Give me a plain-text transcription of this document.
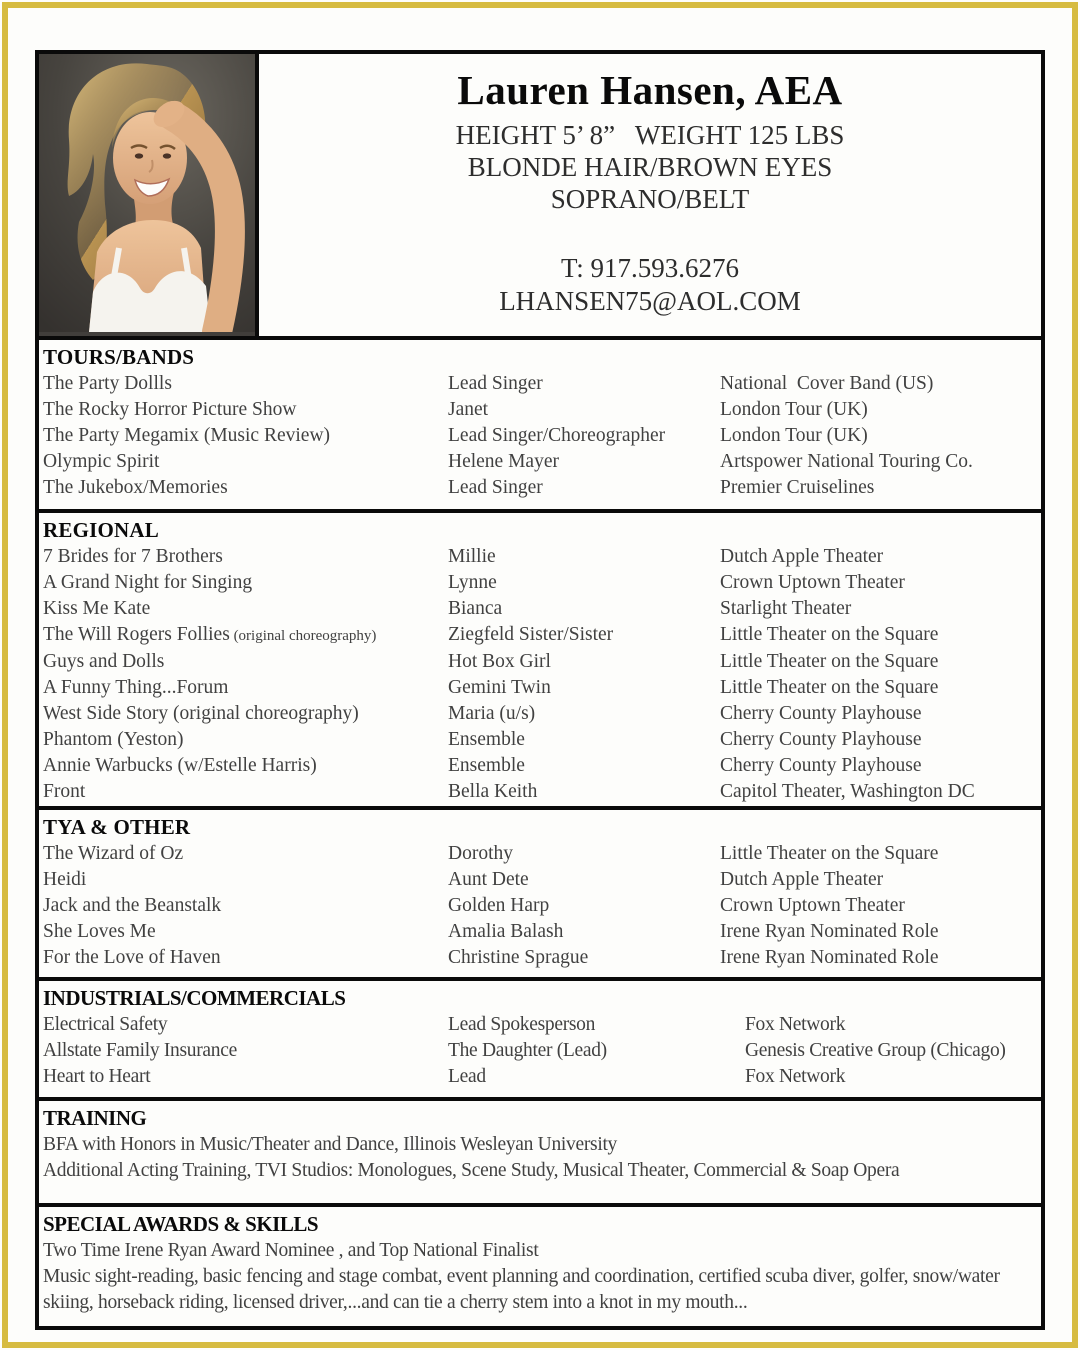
Lauren Hansen, AEA
HEIGHT 5’ 8”   WEIGHT 125 LBS
BLONDE HAIR/BROWN EYES
SOPRANO/BELT
T: 917.593.6276
LHANSEN75@AOL.COM
TOURS/BANDS
The Party Dollls	Lead Singer	National  Cover Band (US)
The Rocky Horror Picture Show	Janet	London Tour (UK)
The Party Megamix (Music Review)	Lead Singer/Choreographer	London Tour (UK)
Olympic Spirit	Helene Mayer	Artspower National Touring Co.
The Jukebox/Memories	Lead Singer	Premier Cruiselines
REGIONAL
7 Brides for 7 Brothers	Millie	Dutch Apple Theater
A Grand Night for Singing	Lynne	Crown Uptown Theater
Kiss Me Kate	Bianca	Starlight Theater
The Will Rogers Follies (original choreography)	Ziegfeld Sister/Sister	Little Theater on the Square
Guys and Dolls	Hot Box Girl	Little Theater on the Square
A Funny Thing...Forum	Gemini Twin	Little Theater on the Square
West Side Story (original choreography)	Maria (u/s)	Cherry County Playhouse
Phantom (Yeston)	Ensemble	Cherry County Playhouse
Annie Warbucks (w/Estelle Harris)	Ensemble	Cherry County Playhouse
Front	Bella Keith	Capitol Theater, Washington DC
TYA & OTHER
The Wizard of Oz	Dorothy	Little Theater on the Square
Heidi	Aunt Dete	Dutch Apple Theater
Jack and the Beanstalk	Golden Harp	Crown Uptown Theater
She Loves Me	Amalia Balash	Irene Ryan Nominated Role
For the Love of Haven	Christine Sprague	Irene Ryan Nominated Role
INDUSTRIALS/COMMERCIALS
Electrical Safety	Lead Spokesperson	Fox Network
Allstate Family Insurance	The Daughter (Lead)	Genesis Creative Group (Chicago)
Heart to Heart	Lead	Fox Network
TRAINING
BFA with Honors in Music/Theater and Dance, Illinois Wesleyan University
Additional Acting Training, TVI Studios: Monologues, Scene Study, Musical Theater, Commercial & Soap Opera
SPECIAL AWARDS & SKILLS
Two Time Irene Ryan Award Nominee , and Top National Finalist
Music sight-reading, basic fencing and stage combat, event planning and coordination, certified scuba diver, golfer, snow/water skiing, horseback riding, licensed driver,...and can tie a cherry stem into a knot in my mouth...
